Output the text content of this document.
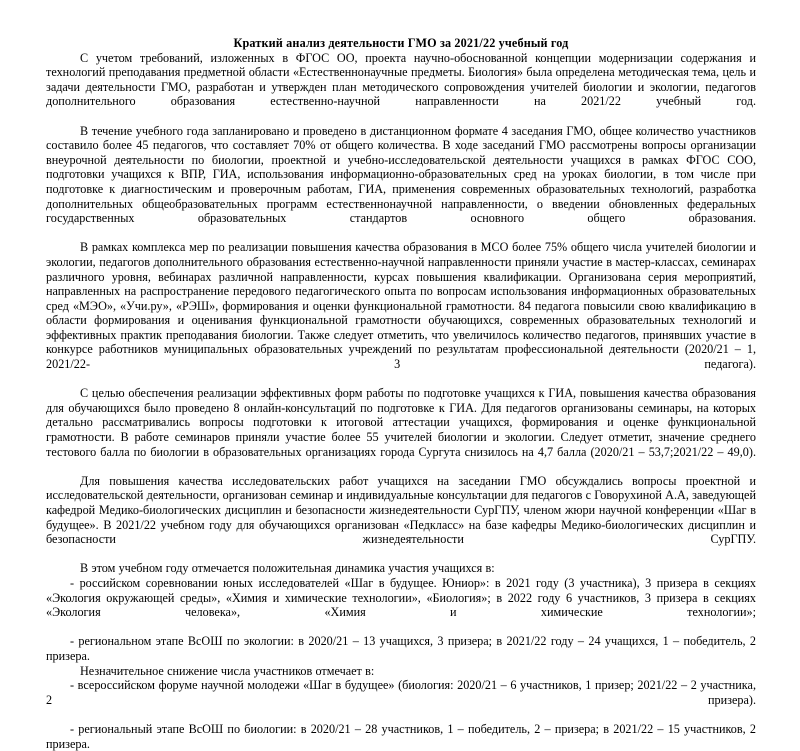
Краткий анализ деятельности ГМО за 2021/22 учебный год

С учетом требований, изложенных в ФГОС ОО, проекта научно-обоснованной концепции модернизации содержания и технологий преподавания предметной области «Естественнонаучные предметы. Биология» была определена методическая тема, цель и задачи деятельности ГМО, разработан и утвержден план методического сопровождения учителей биологии и экологии, педагогов дополнительного образования естественно-научной направленности на 2021/22 учебный год.

В течение учебного года запланировано и проведено в дистанционном формате 4 заседания ГМО, общее количество участников составило более 45 педагогов, что составляет 70% от общего количества. В ходе заседаний ГМО рассмотрены вопросы организации внеурочной деятельности по биологии, проектной и учебно-исследовательской деятельности учащихся в рамках ФГОС СОО, подготовки учащихся к ВПР, ГИА, использования информационно-образовательных сред на уроках биологии, в том числе при подготовке к диагностическим и проверочным работам, ГИА, применения современных образовательных технологий, разработка дополнительных общеобразовательных программ естественнонаучной направленности, о введении обновленных федеральных государственных образовательных стандартов основного общего образования.

В рамках комплекса мер по реализации повышения качества образования в МСО более 75% общего числа учителей биологии и экологии, педагогов дополнительного образования естественно-научной направленности приняли участие в мастер-классах, семинарах различного уровня, вебинарах различной направленности, курсах повышения квалификации. Организована серия мероприятий, направленных на распространение передового педагогического опыта по вопросам использования информационных образовательных сред «МЭО», «Учи.ру», «РЭШ», формирования и оценки функциональной грамотности. 84 педагога повысили свою квалификацию в области формирования и оценивания функциональной грамотности обучающихся, современных образовательных технологий и эффективных практик преподавания биологии. Также следует отметить, что увеличилось количество педагогов, принявших участие в конкурсе работников муниципальных образовательных учреждений по результатам профессиональной деятельности (2020/21 – 1, 2021/22- 3 педагога).

С целью обеспечения реализации эффективных форм работы по подготовке учащихся к ГИА, повышения качества образования для обучающихся было проведено 8 онлайн-консультаций по подготовке к ГИА. Для педагогов организованы семинары, на которых детально рассматривались вопросы подготовки к итоговой аттестации учащихся, формирования и оценке функциональной грамотности. В работе семинаров приняли участие более 55 учителей биологии и экологии. Следует отметит, значение среднего тестового балла по биологии в образовательных организациях города Сургута снизилось на 4,7 балла (2020/21 – 53,7;2021/22 – 49,0).

Для повышения качества исследовательских работ учащихся на заседании ГМО обсуждались вопросы проектной и исследовательской деятельности, организован семинар и индивидуальные консультации для педагогов с Говорухиной А.А, заведующей кафедрой Медико-биологических дисциплин и безопасности жизнедеятельности СурГПУ, членом жюри научной конференции «Шаг в будущее». В 2021/22 учебном году для обучающихся организован «Педкласс» на базе кафедры Медико-биологических дисциплин и безопасности жизнедеятельности СурГПУ.

В этом учебном году отмечается положительная динамика участия учащихся в:

- российском соревновании юных исследователей «Шаг в будущее. Юниор»: в 2021 году (3 участника), 3 призера в секциях «Экология окружающей среды», «Химия и химические технологии», «Биология»; в 2022 году 6 участников, 3 призера в секциях «Экология человека», «Химия и химические технологии»;

- региональном этапе ВсОШ по экологии: в 2020/21 – 13 учащихся, 3 призера; в 2021/22 году – 24 учащихся, 1 – победитель, 2 призера.

Незначительное снижение числа участников отмечает в:

- всероссийском форуме научной молодежи «Шаг в будущее» (биология: 2020/21 – 6 участников, 1 призер; 2021/22 – 2 участника, 2 призера).

- региональный этапе ВсОШ по биологии: в 2020/21 – 28 участников, 1 – победитель, 2 – призера; в 2021/22 – 15 участников, 2 призера.
